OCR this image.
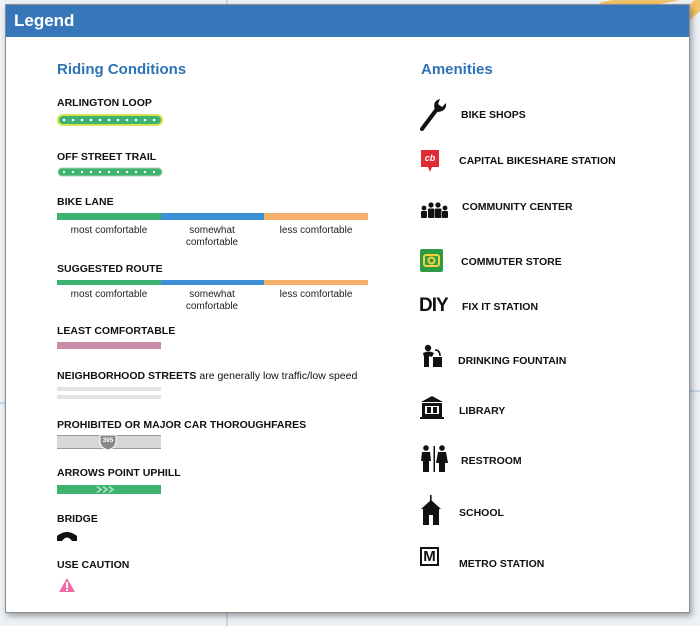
Legend
Riding Conditions
ARLINGTON LOOP
OFF STREET TRAIL
BIKE LANE
most comfortable	somewhat comfortable
less comfortable
SUGGESTED ROUTE
most comfortable	somewhat comfortable
less comfortable
LEAST COMFORTABLE
NEIGHBORHOOD STREETS are generally low traffic/low speed
PROHIBITED OR MAJOR CAR THOROUGHFARES
395
ARROWS POINT UPHILL
BRIDGE
USE CAUTION
Amenities
BIKE SHOPS
cb	CAPITAL BIKESHARE STATION
COMMUNITY CENTER
COMMUTER STORE
DIY FIX IT STATION
DRINKING FOUNTAIN
LIBRARY
RESTROOM
SCHOOL
M	METRO STATION
